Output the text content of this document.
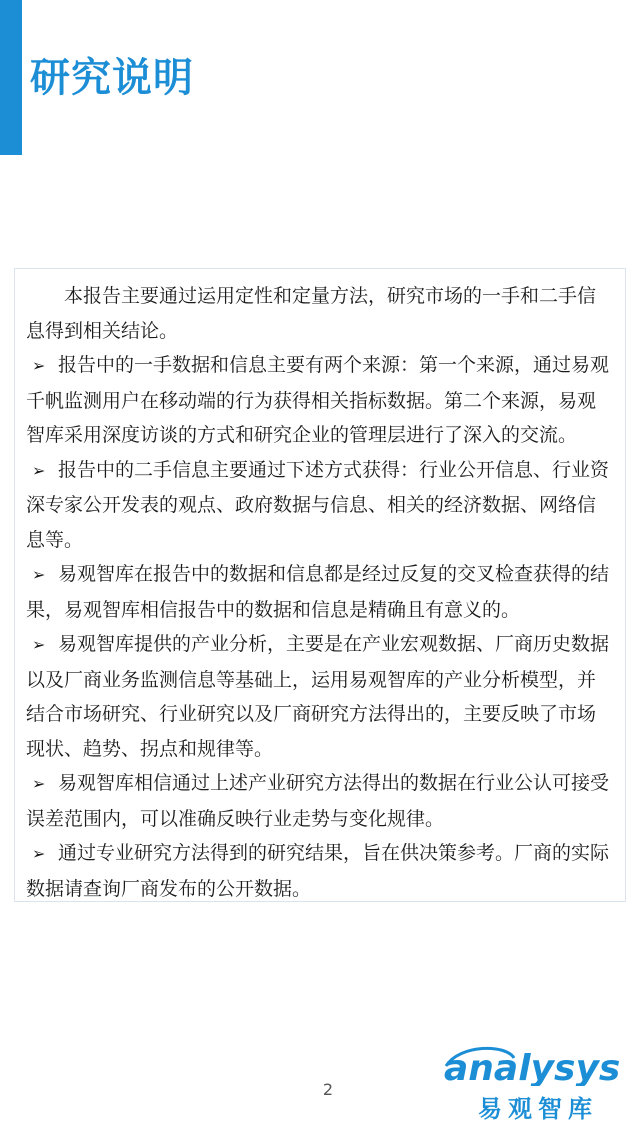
研究说明

本报告主要通过运用定性和定量方法，研究市场的一手和二手信息得到相关结论。

➢ 报告中的一手数据和信息主要有两个来源：第一个来源，通过易观千帆监测用户在移动端的行为获得相关指标数据。第二个来源，易观智库采用深度访谈的方式和研究企业的管理层进行了深入的交流。

➢ 报告中的二手信息主要通过下述方式获得：行业公开信息、行业资深专家公开发表的观点、政府数据与信息、相关的经济数据、网络信息等。

➢ 易观智库在报告中的数据和信息都是经过反复的交叉检查获得的结果，易观智库相信报告中的数据和信息是精确且有意义的。

➢ 易观智库提供的产业分析，主要是在产业宏观数据、厂商历史数据以及厂商业务监测信息等基础上，运用易观智库的产业分析模型，并结合市场研究、行业研究以及厂商研究方法得出的，主要反映了市场现状、趋势、拐点和规律等。

➢ 易观智库相信通过上述产业研究方法得出的数据在行业公认可接受误差范围内，可以准确反映行业走势与变化规律。

➢ 通过专业研究方法得到的研究结果，旨在供决策参考。厂商的实际数据请查询厂商发布的公开数据。

2
analysys
易观智库
